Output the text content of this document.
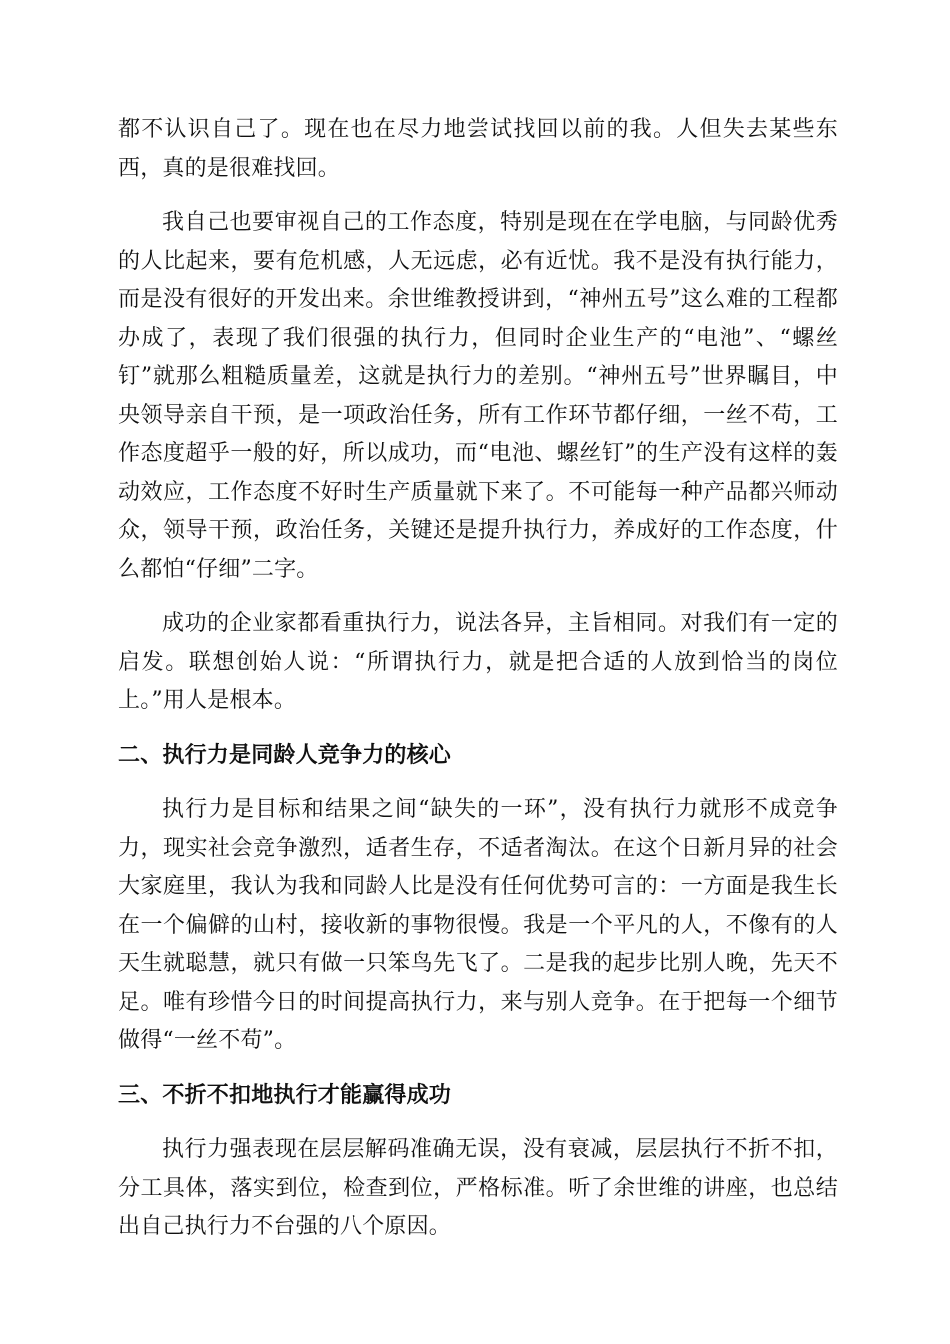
都不认识自己了。现在也在尽力地尝试找回以前的我。人但失去某些东西，真的是很难找回。

我自己也要审视自己的工作态度，特别是现在在学电脑，与同龄优秀的人比起来，要有危机感，人无远虑，必有近忧。我不是没有执行能力，而是没有很好的开发出来。余世维教授讲到，“神州五号”这么难的工程都办成了，表现了我们很强的执行力，但同时企业生产的“电池”、“螺丝钉”就那么粗糙质量差，这就是执行力的差别。“神州五号”世界瞩目，中央领导亲自干预，是一项政治任务，所有工作环节都仔细，一丝不苟，工作态度超乎一般的好，所以成功，而“电池、螺丝钉”的生产没有这样的轰动效应，工作态度不好时生产质量就下来了。不可能每一种产品都兴师动众，领导干预，政治任务，关键还是提升执行力，养成好的工作态度，什么都怕“仔细”二字。

成功的企业家都看重执行力，说法各异，主旨相同。对我们有一定的启发。联想创始人说：“所谓执行力，就是把合适的人放到恰当的岗位上。”用人是根本。

二、执行力是同龄人竞争力的核心

执行力是目标和结果之间“缺失的一环”，没有执行力就形不成竞争力，现实社会竞争激烈，适者生存，不适者淘汰。在这个日新月异的社会大家庭里，我认为我和同龄人比是没有任何优势可言的：一方面是我生长在一个偏僻的山村，接收新的事物很慢。我是一个平凡的人，不像有的人天生就聪慧，就只有做一只笨鸟先飞了。二是我的起步比别人晚，先天不足。唯有珍惜今日的时间提高执行力，来与别人竞争。在于把每一个细节做得“一丝不苟”。

三、不折不扣地执行才能赢得成功

执行力强表现在层层解码准确无误，没有衰减，层层执行不折不扣，分工具体，落实到位，检查到位，严格标准。听了余世维的讲座，也总结出自己执行力不台强的八个原因。
